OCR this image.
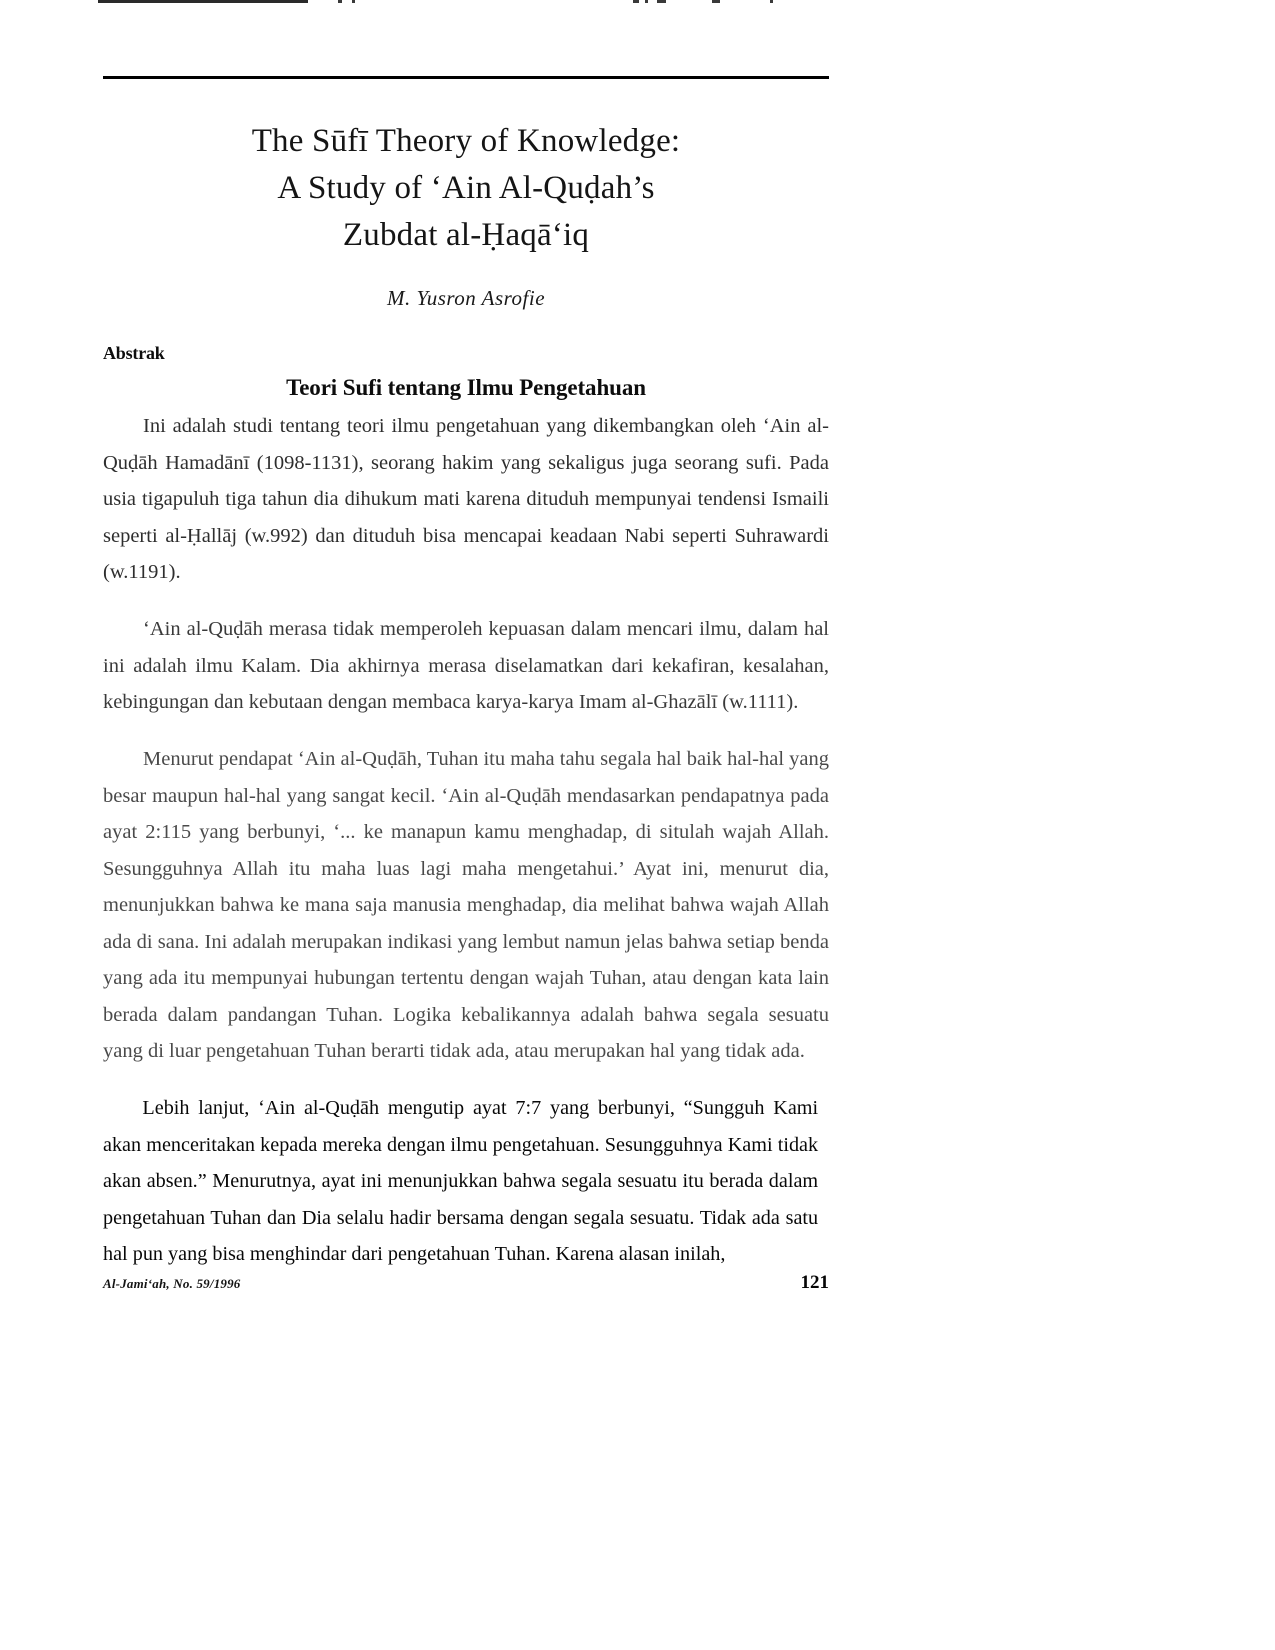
The Sūfī Theory of Knowledge:
A Study of ‘Ain Al-Quḍah’s
Zubdat al-Ḥaqā‘iq
M. Yusron Asrofie
Abstrak
Teori Sufi tentang Ilmu Pengetahuan

Ini adalah studi tentang teori ilmu pengetahuan yang dikembangkan oleh ‘Ain al-Quḍāh Hamadānī (1098-1131), seorang hakim yang sekaligus juga seorang sufi. Pada usia tigapuluh tiga tahun dia dihukum mati karena dituduh mempunyai tendensi Ismaili seperti al-Ḥallāj (w.992) dan dituduh bisa mencapai keadaan Nabi seperti Suhrawardi (w.1191).

‘Ain al-Quḍāh merasa tidak memperoleh kepuasan dalam mencari ilmu, dalam hal ini adalah ilmu Kalam. Dia akhirnya merasa diselamatkan dari kekafiran, kesalahan, kebingungan dan kebutaan dengan membaca karya-karya Imam al-Ghazālī (w.1111).

Menurut pendapat ‘Ain al-Quḍāh, Tuhan itu maha tahu segala hal baik hal-hal yang besar maupun hal-hal yang sangat kecil. ‘Ain al-Quḍāh mendasarkan pendapatnya pada ayat 2:115 yang berbunyi, ‘... ke manapun kamu menghadap, di situlah wajah Allah. Sesungguhnya Allah itu maha luas lagi maha mengetahui.’ Ayat ini, menurut dia, menunjukkan bahwa ke mana saja manusia menghadap, dia melihat bahwa wajah Allah ada di sana. Ini adalah merupakan indikasi yang lembut namun jelas bahwa setiap benda yang ada itu mempunyai hubungan tertentu dengan wajah Tuhan, atau dengan kata lain berada dalam pandangan Tuhan. Logika kebalikannya adalah bahwa segala sesuatu yang di luar pengetahuan Tuhan berarti tidak ada, atau merupakan hal yang tidak ada.

Lebih lanjut, ‘Ain al-Quḍāh mengutip ayat 7:7 yang berbunyi, “Sungguh Kami akan menceritakan kepada mereka dengan ilmu pengetahuan. Sesungguhnya Kami tidak akan absen.” Menurutnya, ayat ini menunjukkan bahwa segala sesuatu itu berada dalam pengetahuan Tuhan dan Dia selalu hadir bersama dengan segala sesuatu. Tidak ada satu hal pun yang bisa menghindar dari pengetahuan Tuhan. Karena alasan inilah,

Al-Jami‘ah, No. 59/1996	121
